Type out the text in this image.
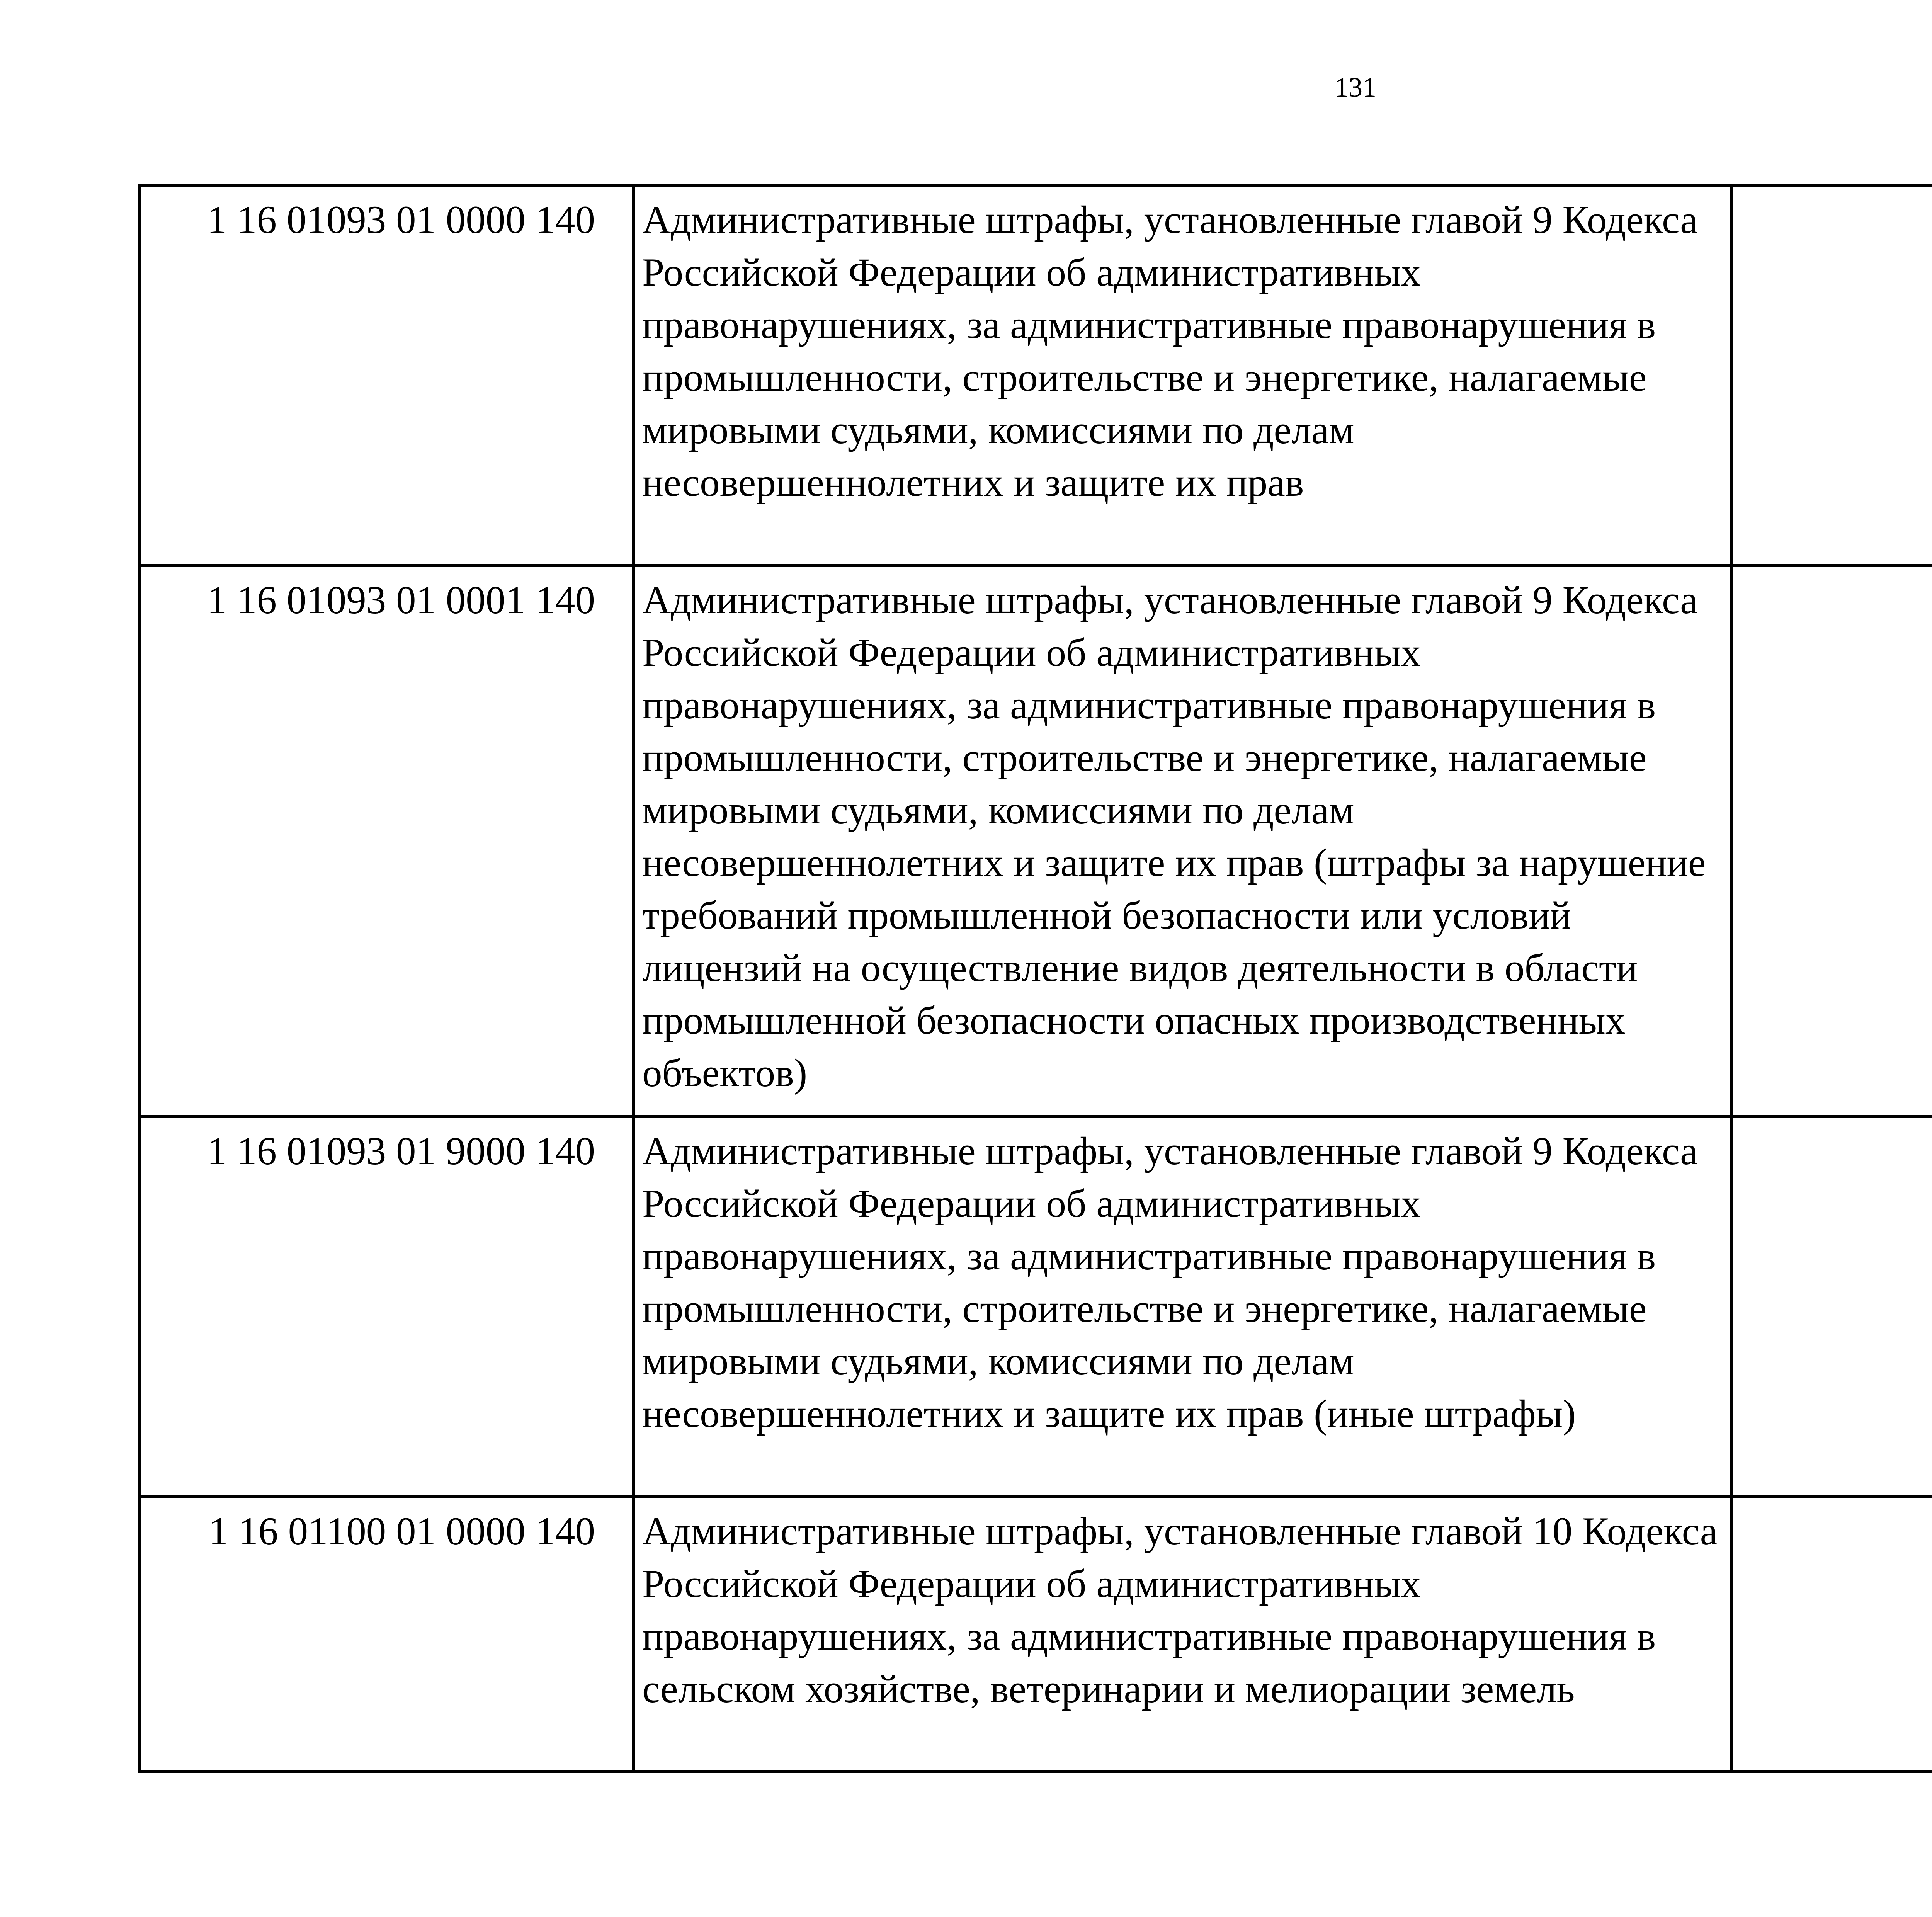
131
1 16 01093 01 0000 140	Административные штрафы, установленные главой 9 Кодекса Российской Федерации об административных правонарушениях, за административные правонарушения в промышленности, строительстве и энергетике, налагаемые мировыми судьями, комиссиями по делам несовершеннолетних и защите их прав			
1 16 01093 01 0001 140	Административные штрафы, установленные главой 9 Кодекса Российской Федерации об административных правонарушениях, за административные правонарушения в промышленности, строительстве и энергетике, налагаемые мировыми судьями, комиссиями по делам несовершеннолетних и защите их прав (штрафы за нарушение требований промышленной безопасности или условий лицензий на осуществление видов деятельности в области промышленной безопасности опасных производственных объектов)			
1 16 01093 01 9000 140	Административные штрафы, установленные главой 9 Кодекса Российской Федерации об административных правонарушениях, за административные правонарушения в промышленности, строительстве и энергетике, налагаемые мировыми судьями, комиссиями по делам несовершеннолетних и защите их прав (иные штрафы)			
1 16 01100 01 0000 140	Административные штрафы, установленные главой 10 Кодекса Российской Федерации об административных правонарушениях, за административные правонарушения в сельском хозяйстве, ветеринарии и мелиорации земель			
